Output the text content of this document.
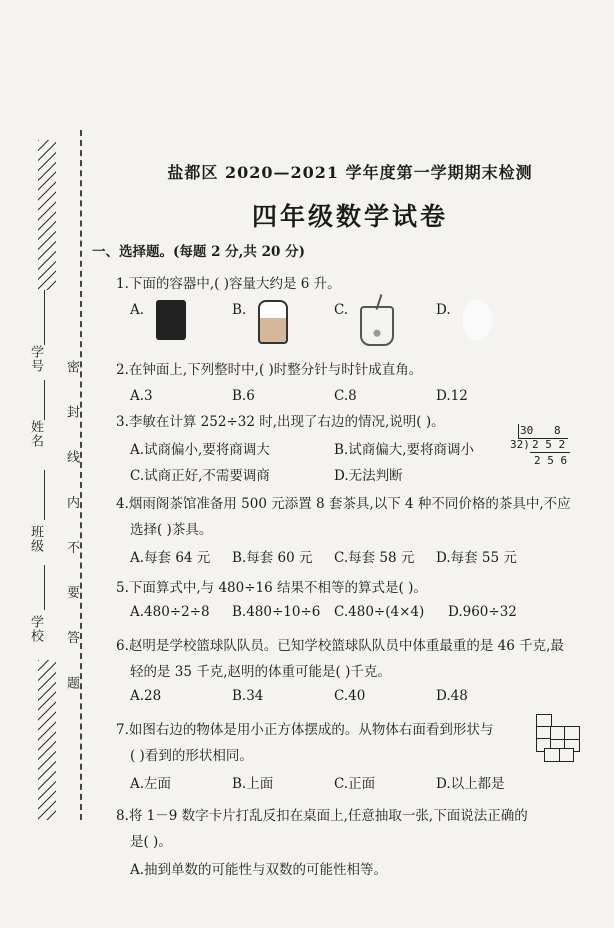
学号
姓名
班级
学校 密 封 线 内 不 要 答 题
盐都区 2020—2021 学年度第一学期期末检测
四年级数学试卷
一、选择题。(每题 2 分,共 20 分)
1.下面的容器中,( )容量大约是 6 升。
A.	B.	C.	D.
2.在钟面上,下列整时中,( )时整分针与时针成直角。
A.3	B.6	C.8	D.12
3.李敏在计算 252÷32 时,出现了右边的情况,说明( )。
A.试商偏小,要将商调大	B.试商偏大,要将商调小
C.试商正好,不需要调商	D.无法判断
4.烟雨阁茶馆准备用 500 元添置 8 套茶具,以下 4 种不同价格的茶具中,不应
选择( )茶具。
A.每套 64 元 B.每套 60 元 C.每套 58 元 D.每套 55 元
5.下面算式中,与 480÷16 结果不相等的算式是( )。
A.480÷2÷8 B.480÷10÷6 C.480÷(4×4) D.960÷32
6.赵明是学校篮球队队员。已知学校篮球队队员中体重最重的是 46 千克,最
轻的是 35 千克,赵明的体重可能是( )千克。
A.28	B.34	C.40	D.48
7.如图右边的物体是用小正方体摆成的。从物体右面看到形状与
( )看到的形状相同。
A.左面	B.上面	C.正面	D.以上都是
8.将 1－9 数字卡片打乱反扣在桌面上,任意抽取一张,下面说法正确的
是( )。
A.抽到单数的可能性与双数的可能性相等。
30 8
32) 2 5 2
2 5 6
